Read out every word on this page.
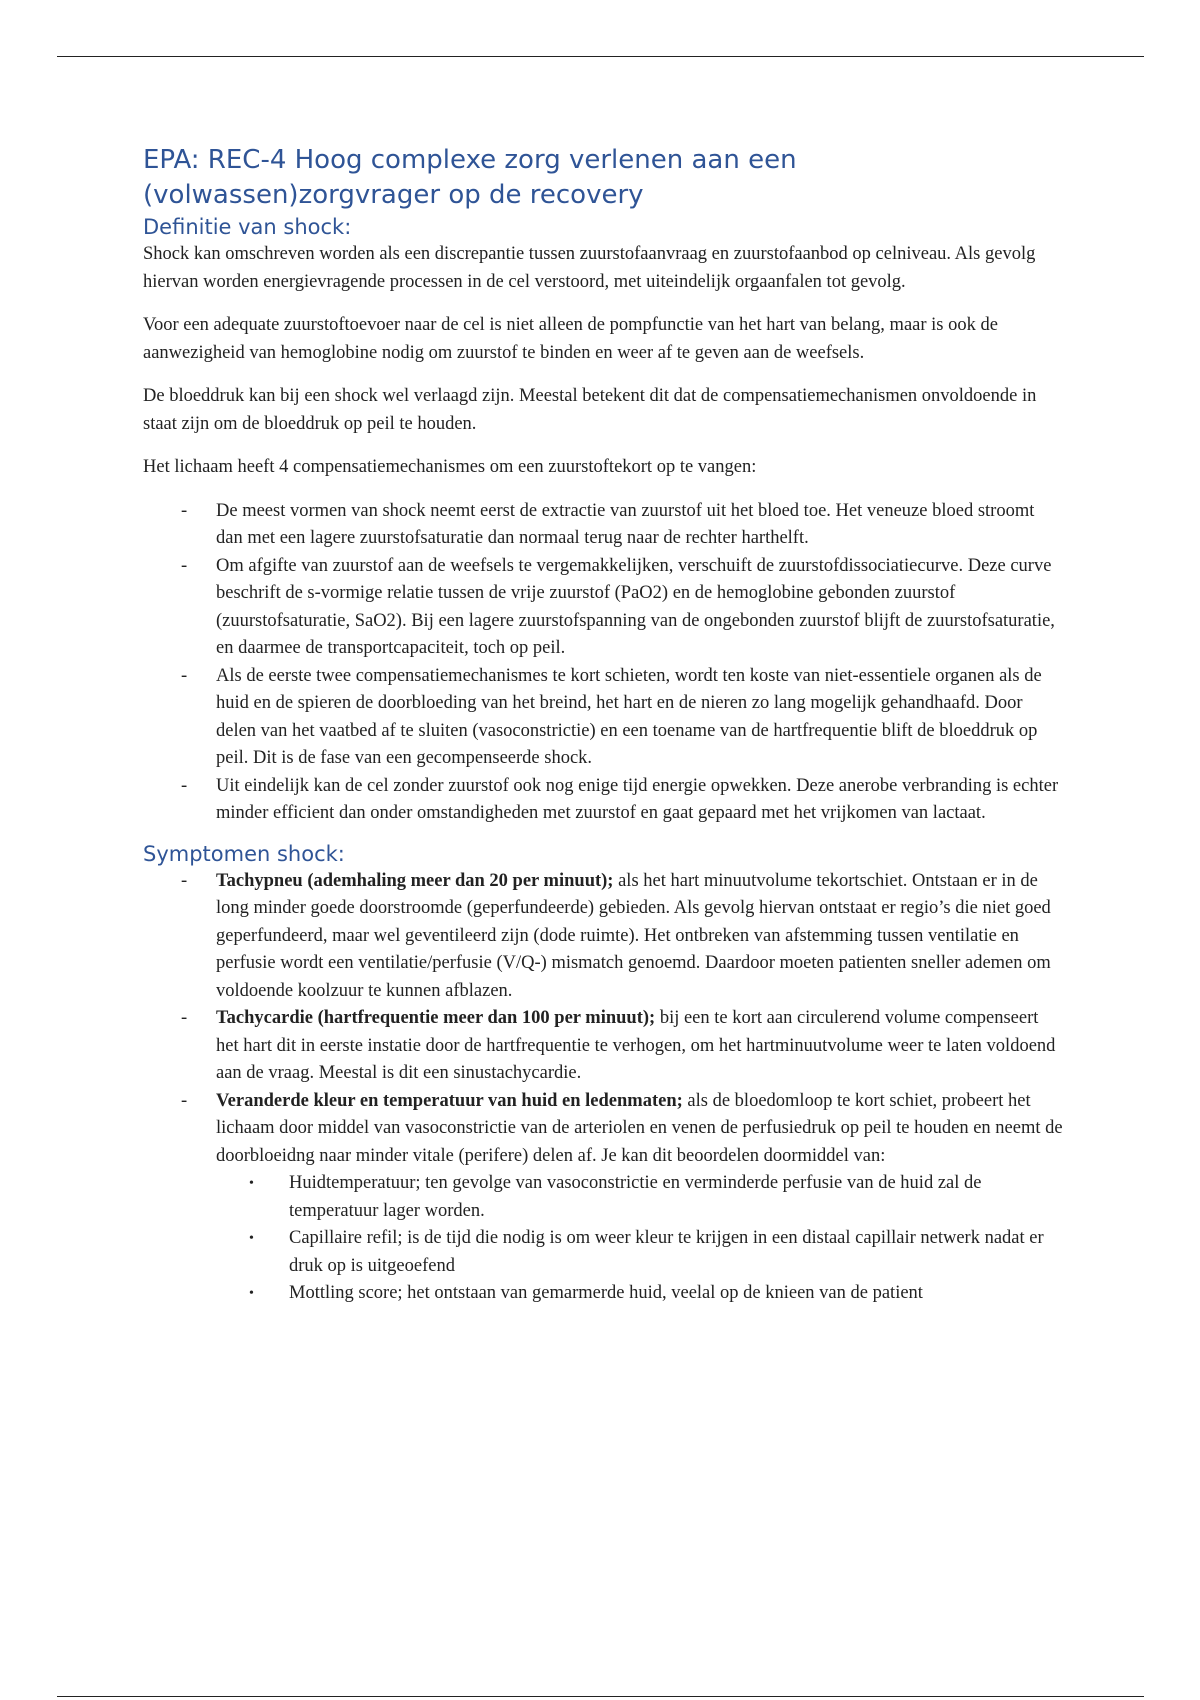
EPA: REC-4 Hoog complexe zorg verlenen aan een (volwassen)zorgvrager op de recovery
Definitie van shock:

Shock kan omschreven worden als een discrepantie tussen zuurstofaanvraag en zuurstofaanbod op celniveau. Als gevolg hiervan worden energievragende processen in de cel verstoord, met uiteindelijk orgaanfalen tot gevolg.

Voor een adequate zuurstoftoevoer naar de cel is niet alleen de pompfunctie van het hart van belang, maar is ook de aanwezigheid van hemoglobine nodig om zuurstof te binden en weer af te geven aan de weefsels.

De bloeddruk kan bij een shock wel verlaagd zijn. Meestal betekent dit dat de compensatiemechanismen onvoldoende in staat zijn om de bloeddruk op peil te houden.

Het lichaam heeft 4 compensatiemechanismes om een zuurstoftekort op te vangen:

- De meest vormen van shock neemt eerst de extractie van zuurstof uit het bloed toe. Het veneuze bloed stroomt dan met een lagere zuurstofsaturatie dan normaal terug naar de rechter harthelft.
- Om afgifte van zuurstof aan de weefsels te vergemakkelijken, verschuift de zuurstofdissociatiecurve. Deze curve beschrift de s-vormige relatie tussen de vrije zuurstof (PaO2) en de hemoglobine gebonden zuurstof (zuurstofsaturatie, SaO2). Bij een lagere zuurstofspanning van de ongebonden zuurstof blijft de zuurstofsaturatie, en daarmee de transportcapaciteit, toch op peil.
- Als de eerste twee compensatiemechanismes te kort schieten, wordt ten koste van niet-essentiele organen als de huid en de spieren de doorbloeding van het breind, het hart en de nieren zo lang mogelijk gehandhaafd. Door delen van het vaatbed af te sluiten (vasoconstrictie) en een toename van de hartfrequentie blift de bloeddruk op peil. Dit is de fase van een gecompenseerde shock.
- Uit eindelijk kan de cel zonder zuurstof ook nog enige tijd energie opwekken. Deze anerobe verbranding is echter minder efficient dan onder omstandigheden met zuurstof en gaat gepaard met het vrijkomen van lactaat.
Symptomen shock:
- Tachypneu (ademhaling meer dan 20 per minuut); als het hart minuutvolume tekortschiet. Ontstaan er in de long minder goede doorstroomde (geperfundeerde) gebieden. Als gevolg hiervan ontstaat er regio’s die niet goed geperfundeerd, maar wel geventileerd zijn (dode ruimte). Het ontbreken van afstemming tussen ventilatie en perfusie wordt een ventilatie/perfusie (V/Q-) mismatch genoemd. Daardoor moeten patienten sneller ademen om voldoende koolzuur te kunnen afblazen.
- Tachycardie (hartfrequentie meer dan 100 per minuut); bij een te kort aan circulerend volume compenseert het hart dit in eerste instatie door de hartfrequentie te verhogen, om het hartminuutvolume weer te laten voldoend aan de vraag. Meestal is dit een sinustachycardie.
- Veranderde kleur en temperatuur van huid en ledenmaten; als de bloedomloop te kort schiet, probeert het lichaam door middel van vasoconstrictie van de arteriolen en venen de perfusiedruk op peil te houden en neemt de doorbloeidng naar minder vitale (perifere) delen af. Je kan dit beoordelen doormiddel van:
• Huidtemperatuur; ten gevolge van vasoconstrictie en verminderde perfusie van de huid zal de temperatuur lager worden.
• Capillaire refil; is de tijd die nodig is om weer kleur te krijgen in een distaal capillair netwerk nadat er druk op is uitgeoefend
• Mottling score; het ontstaan van gemarmerde huid, veelal op de knieen van de patient
